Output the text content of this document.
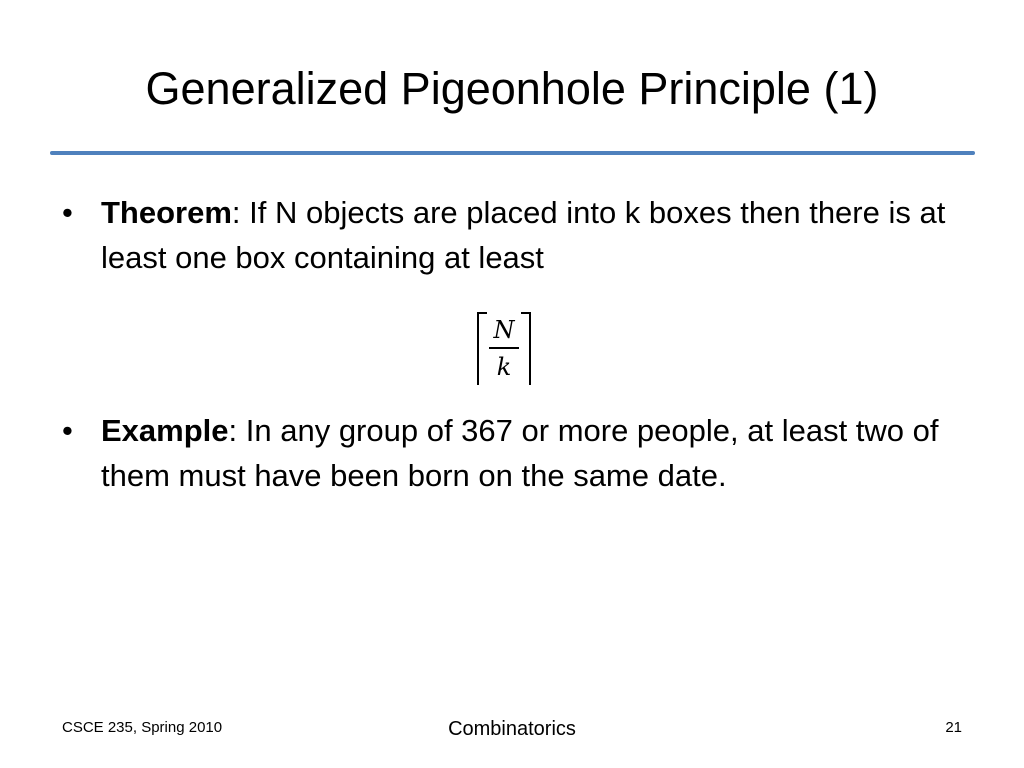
Generalized Pigeonhole Principle (1)
• Theorem: If N objects are placed into k boxes then there is at least one box containing at least
N
k
• Example: In any group of 367 or more people, at least two of them must have been born on the same date.
CSCE 235, Spring 2010	Combinatorics	21
